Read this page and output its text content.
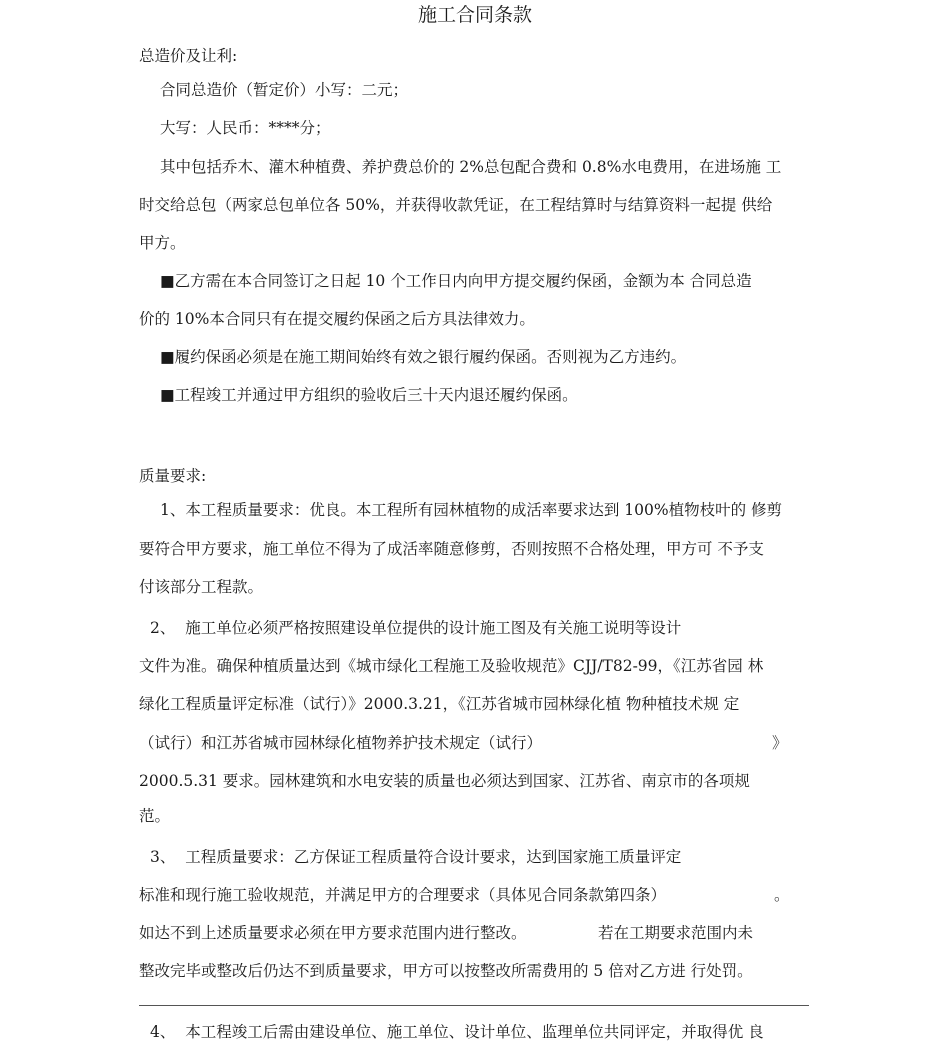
施工合同条款
总造价及让利:
合同总造价（暂定价）小写：二元；
大写：人民币：****分；
其中包括乔木、灌木种植费、养护费总价的 2%总包配合费和 0.8%水电费用，在进场施 工
时交给总包（两家总包单位各 50%，并获得收款凭证，在工程结算时与结算资料一起提 供给
甲方。
■乙方需在本合同签订之日起 10 个工作日内向甲方提交履约保函，金额为本 合同总造
价的 10%本合同只有在提交履约保函之后方具法律效力。
■履约保函必须是在施工期间始终有效之银行履约保函。否则视为乙方违约。
■工程竣工并通过甲方组织的验收后三十天内退还履约保函。
质量要求:
1、本工程质量要求：优良。本工程所有园林植物的成活率要求达到 100%植物枝叶的 修剪
要符合甲方要求，施工单位不得为了成活率随意修剪，否则按照不合格处理，甲方可 不予支
付该部分工程款。
2、  施工单位必须严格按照建设单位提供的设计施工图及有关施工说明等设计
文件为准。确保种植质量达到《城市绿化工程施工及验收规范》CJJ/T82-99，《江苏省园 林
绿化工程质量评定标准（试行）》2000.3.21，《江苏省城市园林绿化植 物种植技术规 定
（试行）和江苏省城市园林绿化植物养护技术规定（试行）	》
2000.5.31 要求。园林建筑和水电安装的质量也必须达到国家、江苏省、南京市的各项规
范。
3、  工程质量要求：乙方保证工程质量符合设计要求，达到国家施工质量评定
标准和现行施工验收规范，并满足甲方的合理要求（具体见合同条款第四条）	。
如达不到上述质量要求必须在甲方要求范围内进行整改。	若在工期要求范围内未
整改完毕或整改后仍达不到质量要求，甲方可以按整改所需费用的 5 倍对乙方进 行处罚。
4、  本工程竣工后需由建设单位、施工单位、设计单位、监理单位共同评定，并取得优 良
